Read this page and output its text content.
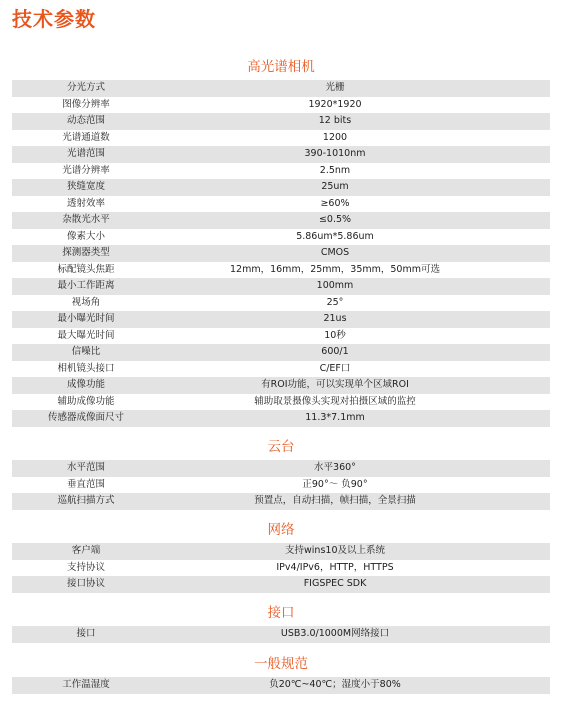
技术参数
高光谱相机
分光方式	光栅
图像分辨率	1920*1920
动态范围	12 bits
光谱通道数	1200
光谱范围	390-1010nm
光谱分辨率	2.5nm
狭缝宽度	25um
透射效率	≥60%
杂散光水平	≤0.5%
像素大小	5.86um*5.86um
探测器类型	CMOS
标配镜头焦距	12mm，16mm，25mm，35mm，50mm可选
最小工作距离	100mm
视场角	25°
最小曝光时间	21us
最大曝光时间	10秒
信噪比	600/1
相机镜头接口	C/EF口
成像功能	有ROI功能，可以实现单个区域ROI
辅助成像功能	辅助取景摄像头实现对拍摄区域的监控
传感器成像面尺寸	11.3*7.1mm
云台
水平范围	水平360°
垂直范围	正90°～ 负90°
巡航扫描方式	预置点，自动扫描，帧扫描，全景扫描
网络
客户端	支持wins10及以上系统
支持协议	IPv4/IPv6，HTTP，HTTPS
接口协议	FIGSPEC SDK
接口
接口	USB3.0/1000M网络接口
一般规范
工作温湿度	负20℃~40℃；湿度小于80%
